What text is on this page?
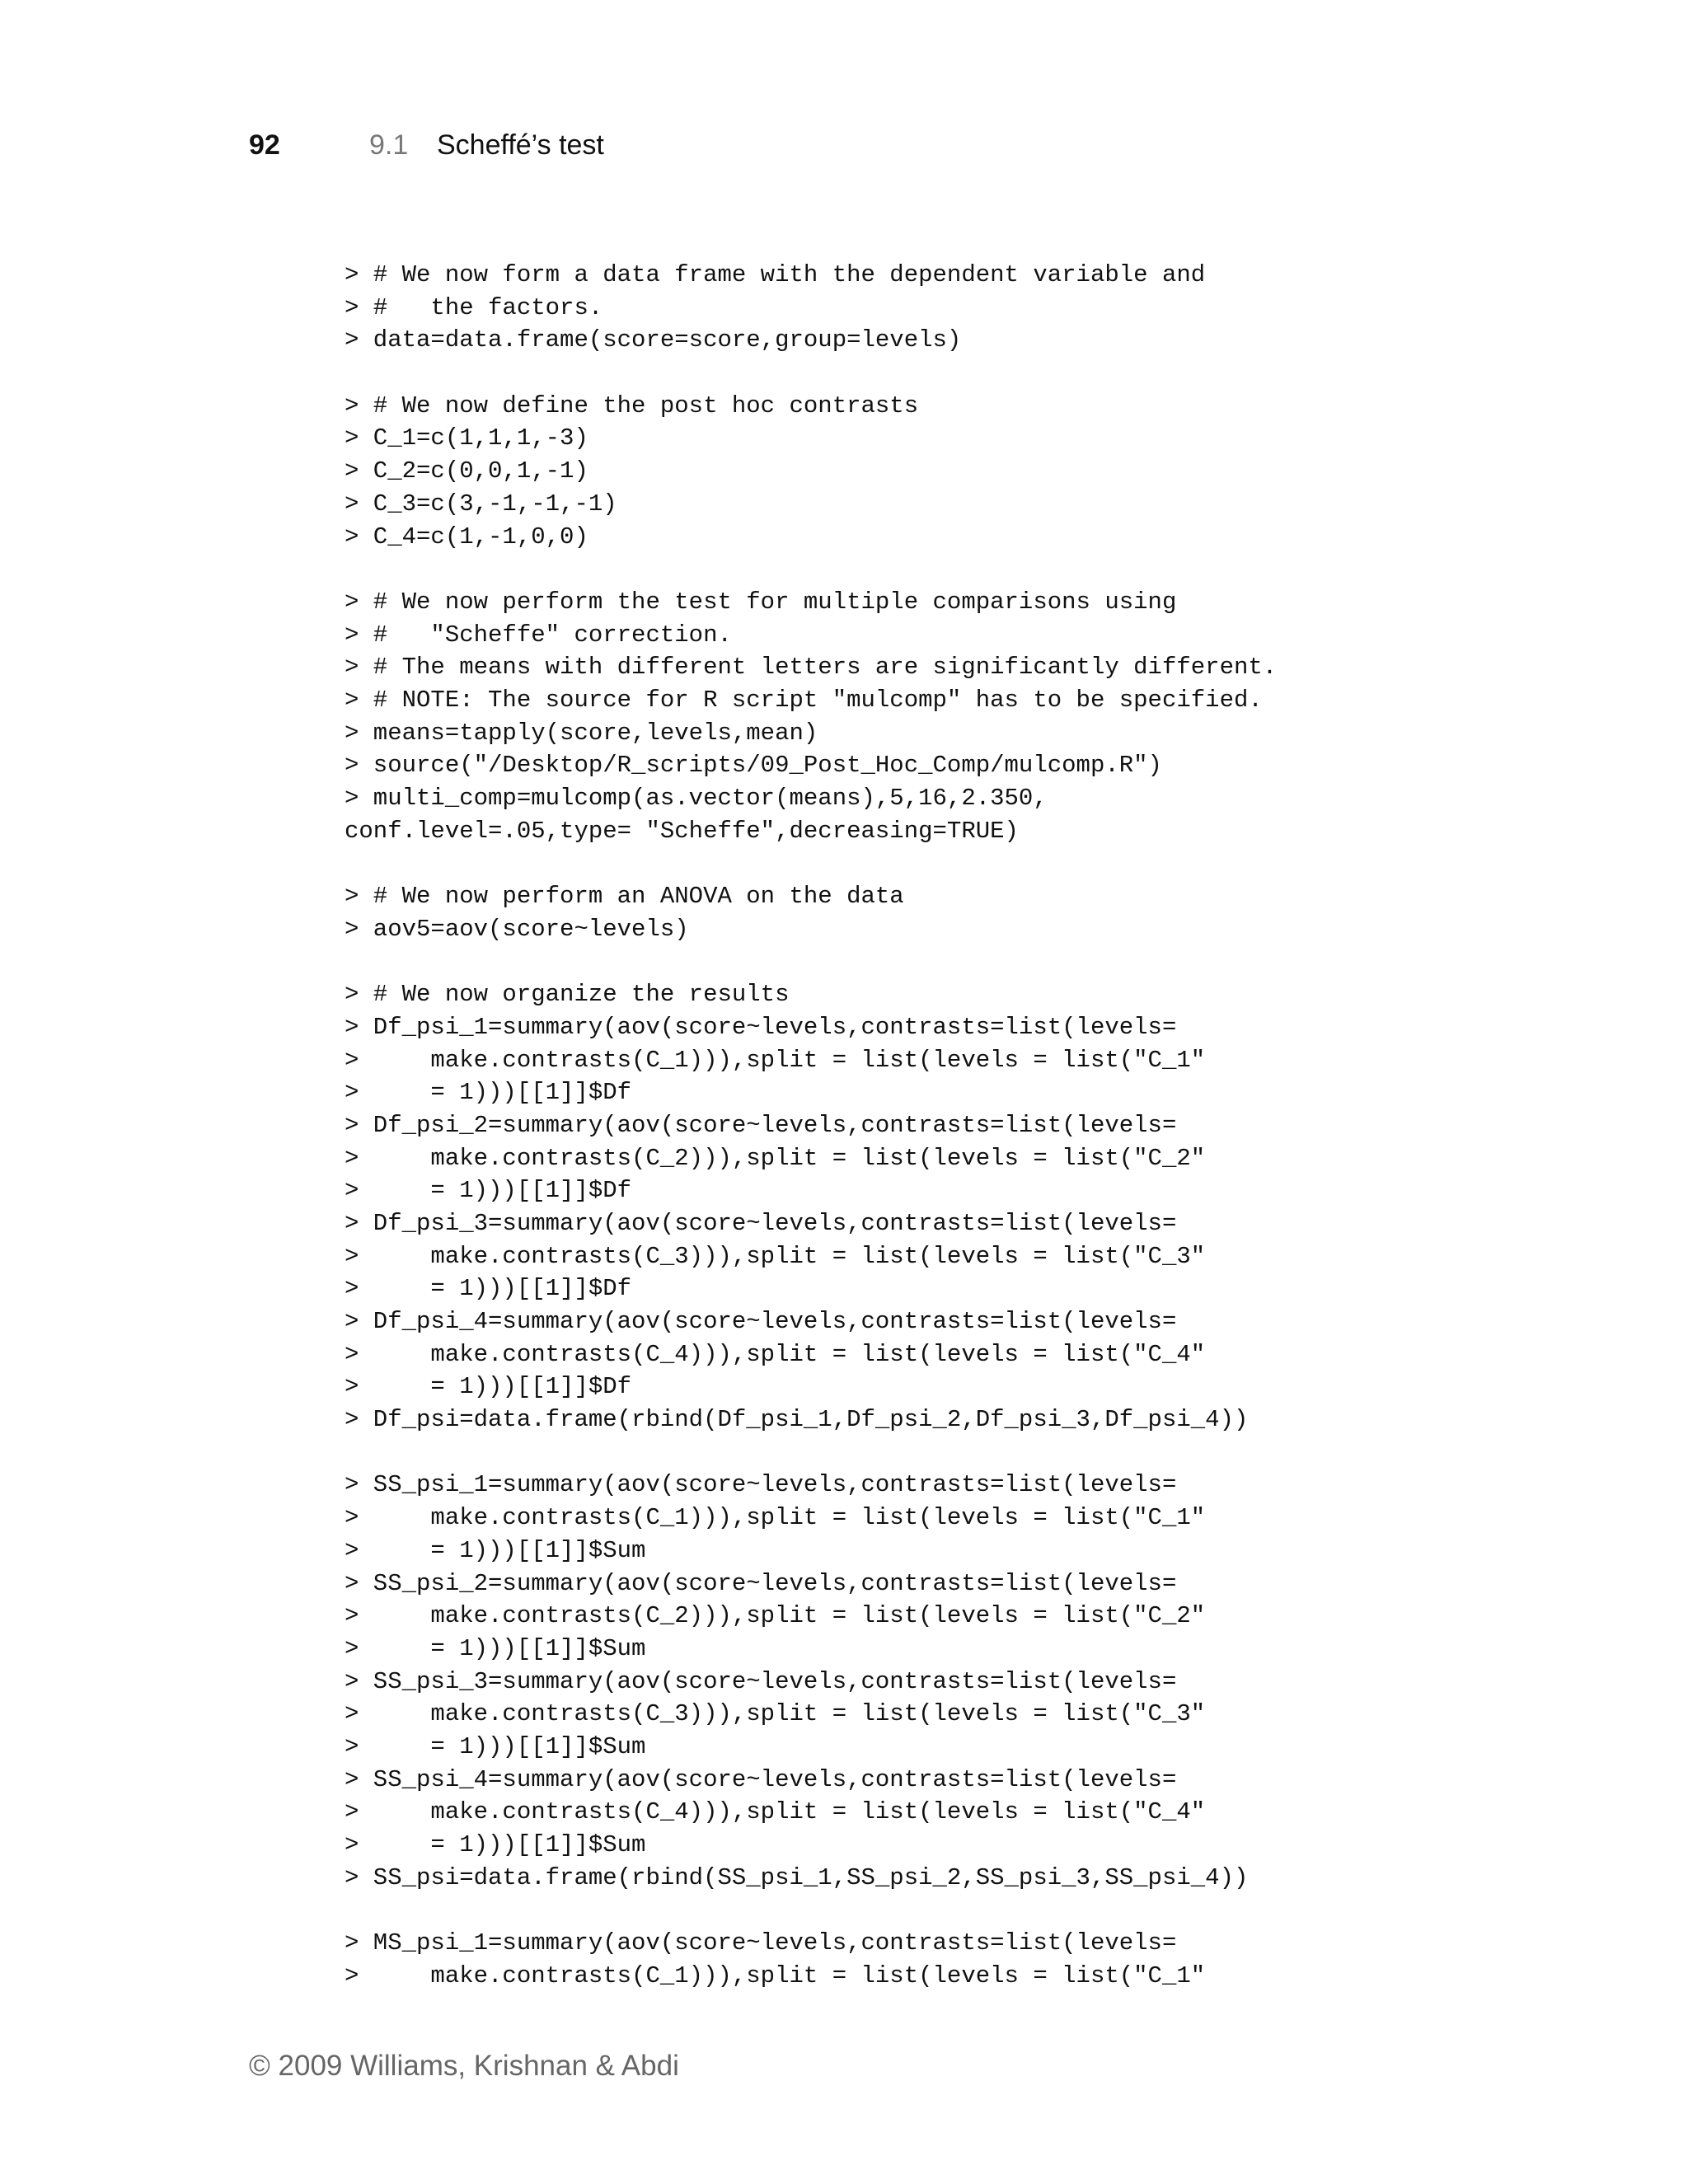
92	9.1 Scheffé’s test
> # We now form a data frame with the dependent variable and
> #   the factors.
> data=data.frame(score=score,group=levels)
> # We now define the post hoc contrasts
> C_1=c(1,1,1,-3)
> C_2=c(0,0,1,-1)
> C_3=c(3,-1,-1,-1)
> C_4=c(1,-1,0,0)
> # We now perform the test for multiple comparisons using
> #   "Scheffe" correction.
> # The means with different letters are significantly different.
> # NOTE: The source for R script "mulcomp" has to be specified.
> means=tapply(score,levels,mean)
> source("/Desktop/R_scripts/09_Post_Hoc_Comp/mulcomp.R")
> multi_comp=mulcomp(as.vector(means),5,16,2.350,
conf.level=.05,type= "Scheffe",decreasing=TRUE)
> # We now perform an ANOVA on the data
> aov5=aov(score~levels)
> # We now organize the results
> Df_psi_1=summary(aov(score~levels,contrasts=list(levels=
>     make.contrasts(C_1))),split = list(levels = list("C_1"
>     = 1)))[[1]]$Df
> Df_psi_2=summary(aov(score~levels,contrasts=list(levels=
>     make.contrasts(C_2))),split = list(levels = list("C_2"
>     = 1)))[[1]]$Df
> Df_psi_3=summary(aov(score~levels,contrasts=list(levels=
>     make.contrasts(C_3))),split = list(levels = list("C_3"
>     = 1)))[[1]]$Df
> Df_psi_4=summary(aov(score~levels,contrasts=list(levels=
>     make.contrasts(C_4))),split = list(levels = list("C_4"
>     = 1)))[[1]]$Df
> Df_psi=data.frame(rbind(Df_psi_1,Df_psi_2,Df_psi_3,Df_psi_4))
> SS_psi_1=summary(aov(score~levels,contrasts=list(levels=
>     make.contrasts(C_1))),split = list(levels = list("C_1"
>     = 1)))[[1]]$Sum
> SS_psi_2=summary(aov(score~levels,contrasts=list(levels=
>     make.contrasts(C_2))),split = list(levels = list("C_2"
>     = 1)))[[1]]$Sum
> SS_psi_3=summary(aov(score~levels,contrasts=list(levels=
>     make.contrasts(C_3))),split = list(levels = list("C_3"
>     = 1)))[[1]]$Sum
> SS_psi_4=summary(aov(score~levels,contrasts=list(levels=
>     make.contrasts(C_4))),split = list(levels = list("C_4"
>     = 1)))[[1]]$Sum
> SS_psi=data.frame(rbind(SS_psi_1,SS_psi_2,SS_psi_3,SS_psi_4))
> MS_psi_1=summary(aov(score~levels,contrasts=list(levels=
>     make.contrasts(C_1))),split = list(levels = list("C_1"
© 2009 Williams, Krishnan & Abdi
